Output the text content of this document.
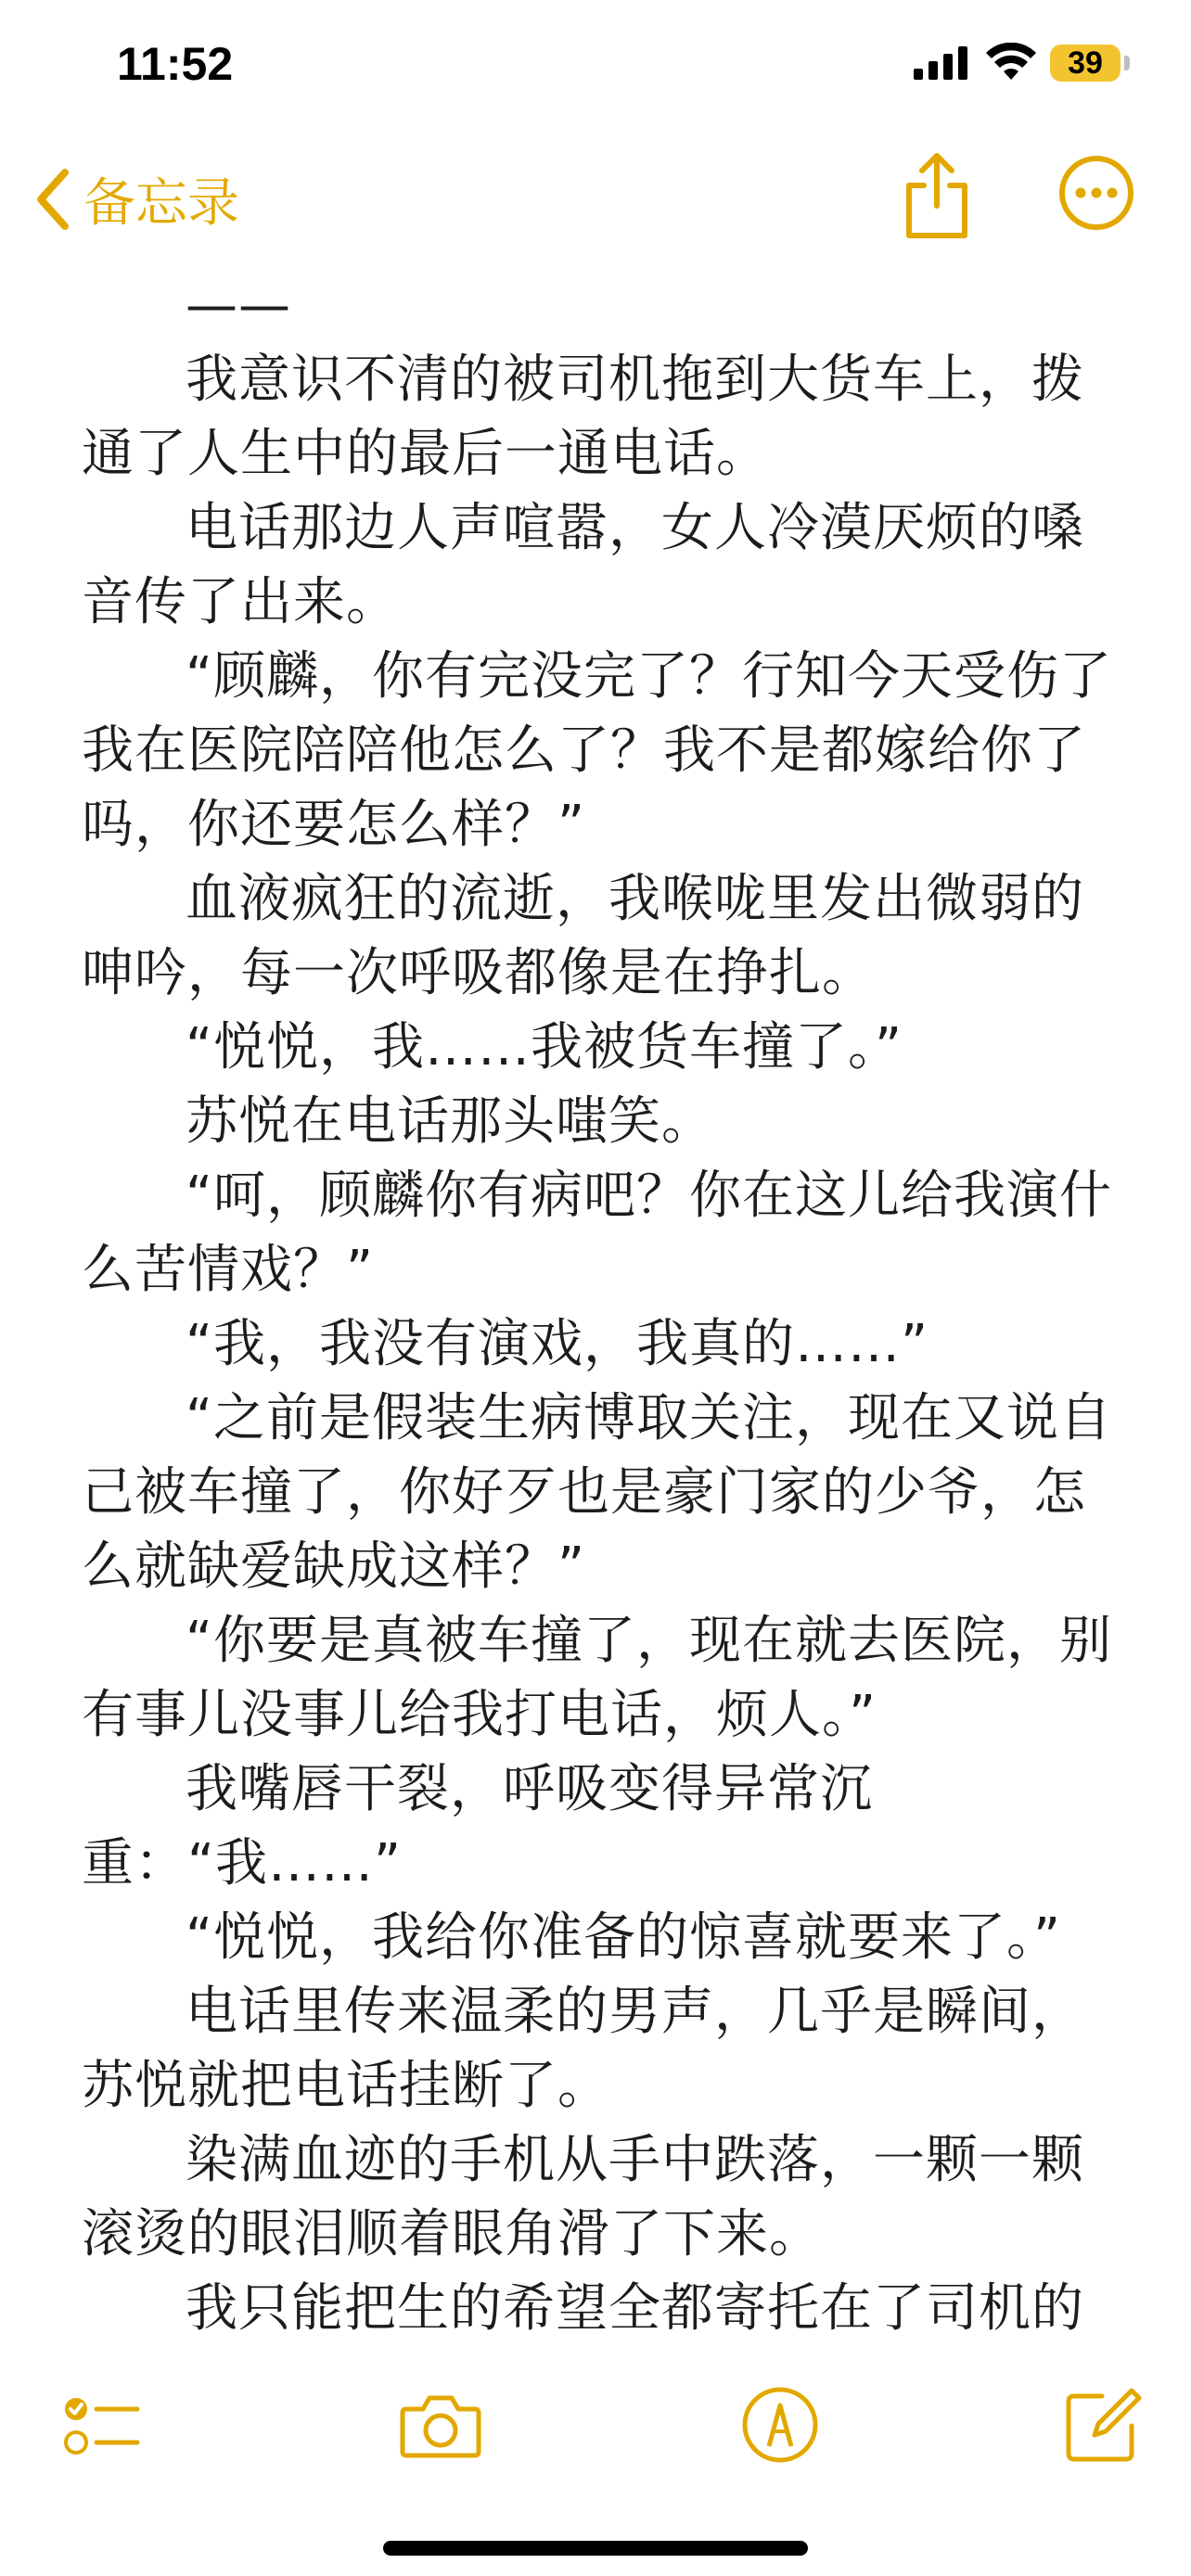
11:52	39
备忘录

——

我意识不清的被司机拖到大货车上，拨通了人生中的最后一通电话。

电话那边人声喧嚣，女人冷漠厌烦的嗓音传了出来。

“顾麟，你有完没完了？行知今天受伤了我在医院陪陪他怎么了？我不是都嫁给你了吗，你还要怎么样？”

血液疯狂的流逝，我喉咙里发出微弱的呻吟，每一次呼吸都像是在挣扎。

“悦悦，我……我被货车撞了。”

苏悦在电话那头嗤笑。

“呵，顾麟你有病吧？你在这儿给我演什么苦情戏？”

“我，我没有演戏，我真的……”

“之前是假装生病博取关注，现在又说自己被车撞了，你好歹也是豪门家的少爷，怎么就缺爱缺成这样？”

“你要是真被车撞了，现在就去医院，别有事儿没事儿给我打电话，烦人。”

我嘴唇干裂，呼吸变得异常沉重：“我……”

“悦悦，我给你准备的惊喜就要来了。”

电话里传来温柔的男声，几乎是瞬间，苏悦就把电话挂断了。

染满血迹的手机从手中跌落，一颗一颗滚烫的眼泪顺着眼角滑了下来。

我只能把生的希望全都寄托在了司机的
